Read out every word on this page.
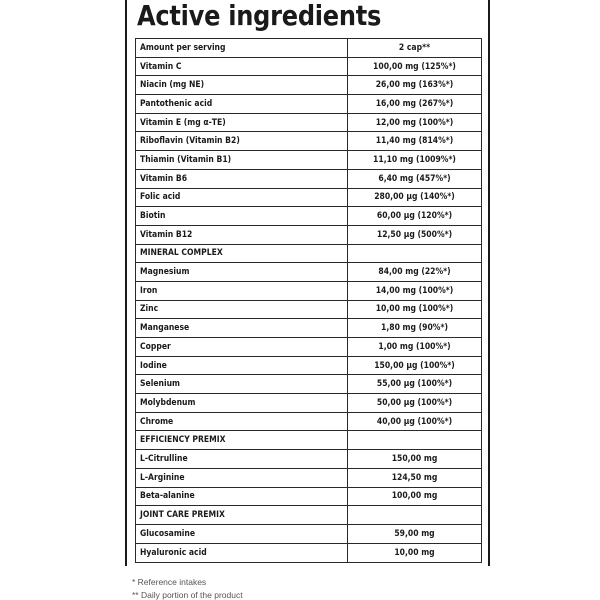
Active ingredients
Amount per serving	2 cap**
Vitamin C	100,00 mg (125%*)
Niacin (mg NE)	26,00 mg (163%*)
Pantothenic acid	16,00 mg (267%*)
Vitamin E (mg α-TE)	12,00 mg (100%*)
Riboflavin (Vitamin B2)	11,40 mg (814%*)
Thiamin (Vitamin B1)	11,10 mg (1009%*)
Vitamin B6	6,40 mg (457%*)
Folic acid	280,00 µg (140%*)
Biotin	60,00 µg (120%*)
Vitamin B12	12,50 µg (500%*)
MINERAL COMPLEX
Magnesium	84,00 mg (22%*)
Iron	14,00 mg (100%*)
Zinc	10,00 mg (100%*)
Manganese	1,80 mg (90%*)
Copper	1,00 mg (100%*)
Iodine	150,00 µg (100%*)
Selenium	55,00 µg (100%*)
Molybdenum	50,00 µg (100%*)
Chrome	40,00 µg (100%*)
EFFICIENCY PREMIX
L-Citrulline	150,00 mg
L-Arginine	124,50 mg
Beta-alanine	100,00 mg
JOINT CARE PREMIX
Glucosamine	59,00 mg
Hyaluronic acid	10,00 mg
* Reference intakes
** Daily portion of the product
